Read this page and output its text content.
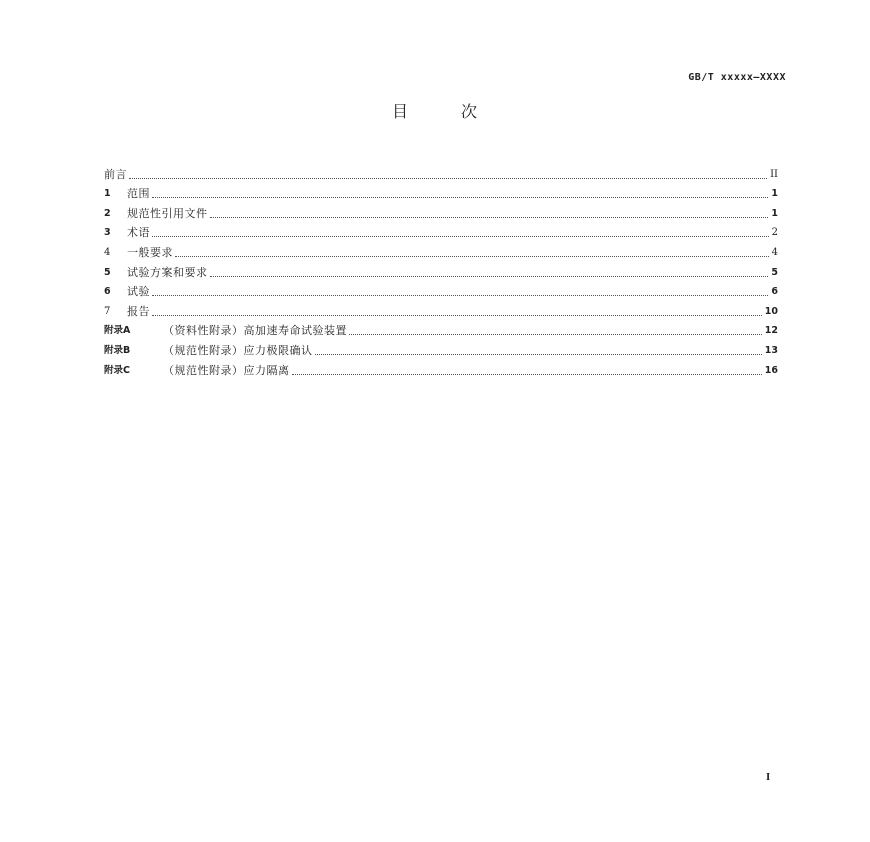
GB/T xxxxx—XXXX
目 次
前言	II
1	范围	1
2	规范性引用文件	1
3	术语	2
4	一般要求	4
5	试验方案和要求	5
6	试验	6
7	报告	10
附录A	（资料性附录）高加速寿命试验装置	12
附录B	（规范性附录）应力极限确认	13
附录C	（规范性附录）应力隔离	16
I
